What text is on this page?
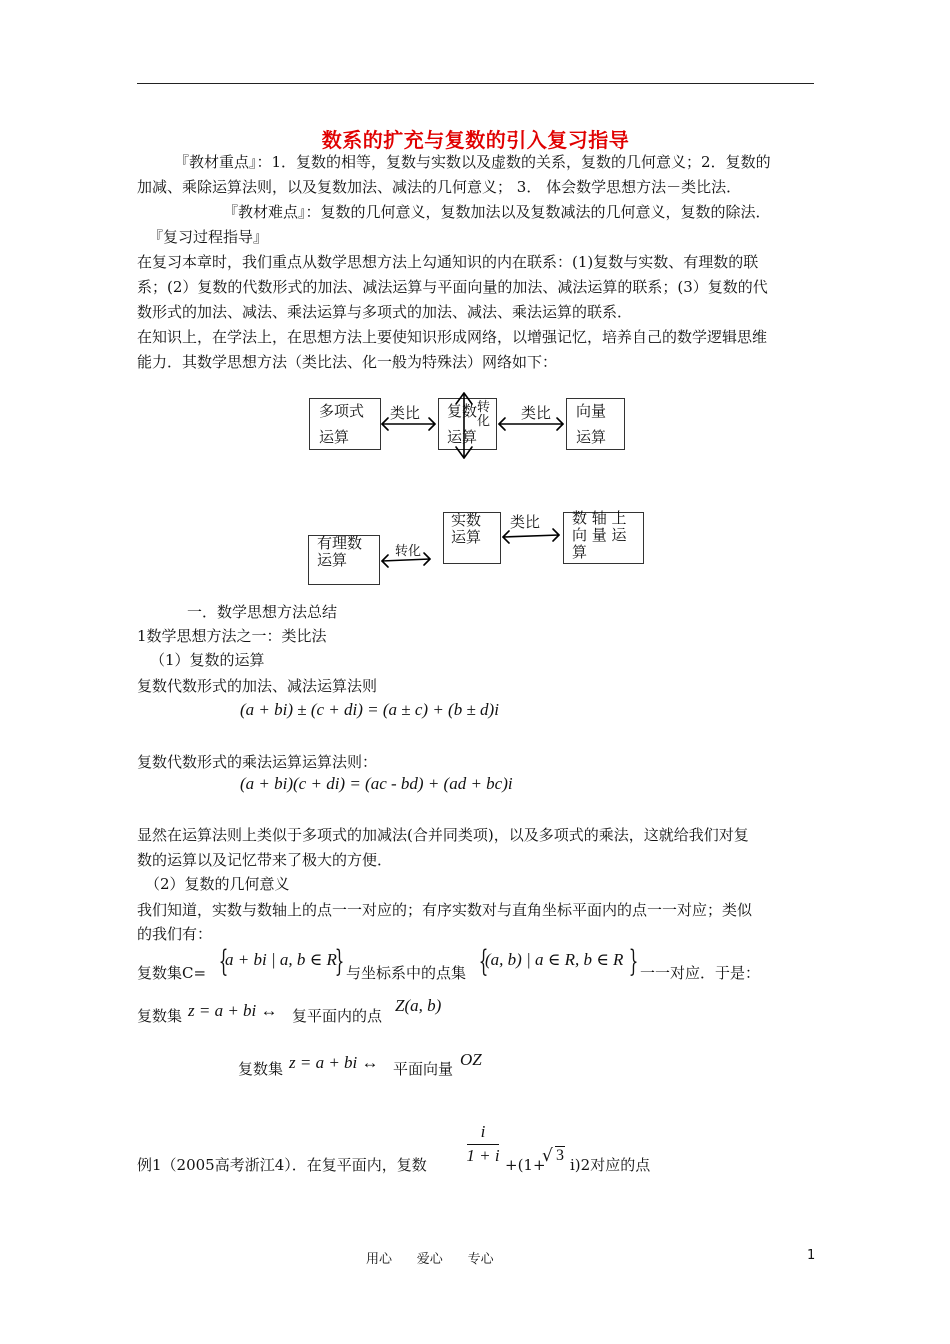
数系的扩充与复数的引入复习指导
『教材重点』：1．复数的相等，复数与实数以及虚数的关系，复数的几何意义；2．复数的
加减、乘除运算法则，以及复数加法、减法的几何意义； 3． 体会数学思想方法－类比法．
『教材难点』：复数的几何意义，复数加法以及复数减法的几何意义，复数的除法．
『复习过程指导』
在复习本章时，我们重点从数学思想方法上勾通知识的内在联系：(1)复数与实数、有理数的联
系；(2）复数的代数形式的加法、减法运算与平面向量的加法、减法运算的联系；(3）复数的代
数形式的加法、减法、乘法运算与多项式的加法、减法、乘法运算的联系．
在知识上，在学法上，在思想方法上要使知识形成网络，以增强记忆，培养自己的数学逻辑思维
能力．其数学思想方法（类比法、化一般为特殊法）网络如下：
多项式
运算
复数
运算
向量
运算
实数
运算
有理数
运算
数 轴 上
向 量 运
算
类比	类比
转化
类比
转化
一．数学思想方法总结
1数学思想方法之一：类比法
（1）复数的运算
复数代数形式的加法、减法运算法则
(a + bi) ± (c + di) = (a ± c) + (b ± d)i
复数代数形式的乘法运算运算法则：
(a + bi)(c + di) = (ac - bd) + (ad + bc)i
显然在运算法则上类似于多项式的加减法(合并同类项)，以及多项式的乘法，这就给我们对复
数的运算以及记忆带来了极大的方便．
（2）复数的几何意义
我们知道，实数与数轴上的点一一对应的；有序实数对与直角坐标平面内的点一一对应；类似
的我们有：
复数集C= {
a + bi | a, b ∈ R
} 与坐标系中的点集 {
(a, b) | a ∈ R, b ∈ R } 一一对应．于是：
复数集 z = a + bi ↔ 复平面内的点
Z(a, b)
复数集 z = a + bi ↔ 平面向量 OZ
例1（2005高考浙江4）．在复平面内，复数
i
1 + i +(1+
√ 3
i)2对应的点
用心      爱心      专心	1
